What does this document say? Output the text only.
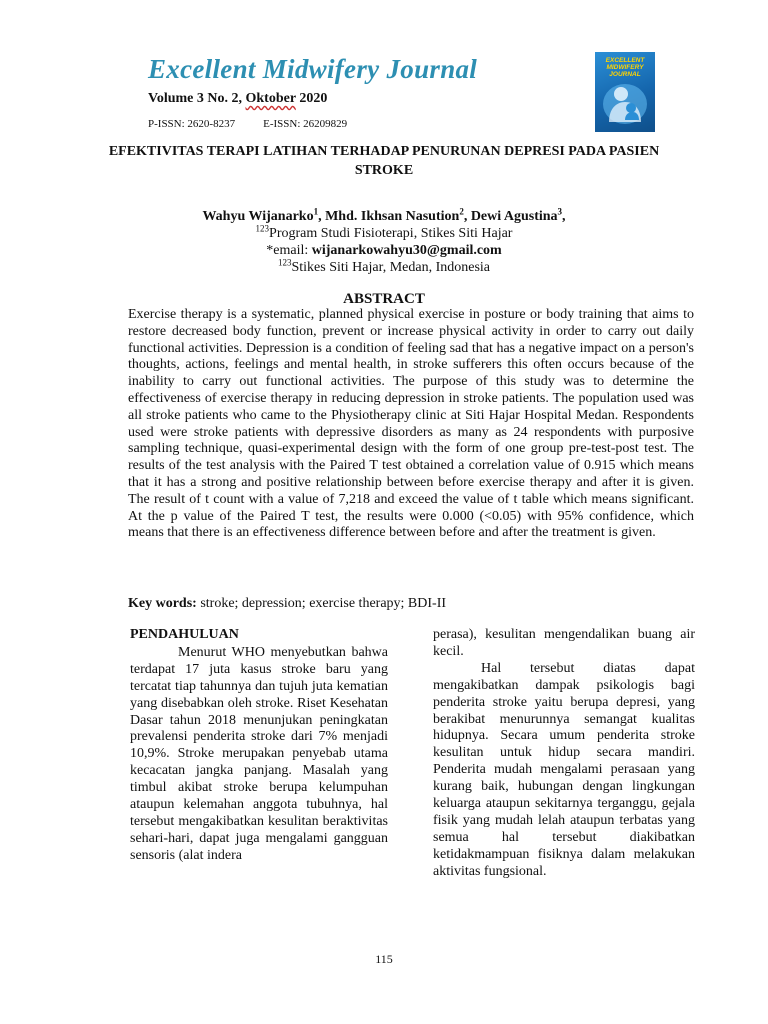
Excellent Midwifery Journal
Volume 3 No. 2, Oktober 2020
P-ISSN: 2620-8237	E-ISSN: 26209829
EXCELLENT MIDWIFERY JOURNAL
EFEKTIVITAS TERAPI LATIHAN TERHADAP PENURUNAN DEPRESI PADA PASIEN STROKE
Wahyu Wijanarko$^1$, Mhd. Ikhsan Nasution$^2$, Dewi Agustina$^3$,
$^{123}$Program Studi Fisioterapi, Stikes Siti Hajar
*email: wijanarkowahyu30@gmail.com
$^{123}$Stikes Siti Hajar, Medan, Indonesia
ABSTRACT
Exercise therapy is a systematic, planned physical exercise in posture or body training that aims to restore decreased body function, prevent or increase physical activity in order to carry out daily functional activities. Depression is a condition of feeling sad that has a negative impact on a person's thoughts, actions, feelings and mental health, in stroke sufferers this often occurs because of the inability to carry out functional activities. The purpose of this study was to determine the effectiveness of exercise therapy in reducing depression in stroke patients. The population used was all stroke patients who came to the Physiotherapy clinic at Siti Hajar Hospital Medan. Respondents used were stroke patients with depressive disorders as many as 24 respondents with purposive sampling technique, quasi-experimental design with the form of one group pre-test-post test. The results of the test analysis with the Paired T test obtained a correlation value of 0.915 which means that it has a strong and positive relationship between before exercise therapy and after it is given. The result of t count with a value of 7,218 and exceed the value of t table which means significant. At the p value of the Paired T test, the results were 0.000 (<0.05) with 95% confidence, which means that there is an effectiveness difference between before and after the treatment is given.
Key words: stroke; depression; exercise therapy; BDI-II
PENDAHULUAN

Menurut WHO menyebutkan bahwa terdapat 17 juta kasus stroke baru yang tercatat tiap tahunnya dan tujuh juta kematian yang disebabkan oleh stroke. Riset Kesehatan Dasar tahun 2018 menunjukan peningkatan prevalensi penderita stroke dari 7% menjadi 10,9%. Stroke merupakan penyebab utama kecacatan jangka panjang. Masalah yang timbul akibat stroke berupa kelumpuhan ataupun kelemahan anggota tubuhnya, hal tersebut mengakibatkan kesulitan beraktivitas sehari-hari, dapat juga mengalami gangguan sensoris (alat indera

perasa), kesulitan mengendalikan buang air kecil.

Hal tersebut diatas dapat mengakibatkan dampak psikologis bagi penderita stroke yaitu berupa depresi, yang berakibat menurunnya semangat kualitas hidupnya. Secara umum penderita stroke kesulitan untuk hidup secara mandiri. Penderita mudah mengalami perasaan yang kurang baik, hubungan dengan lingkungan keluarga ataupun sekitarnya terganggu, gejala fisik yang mudah lelah ataupun terbatas yang semua hal tersebut diakibatkan ketidakmampuan fisiknya dalam melakukan aktivitas fungsional.

115
